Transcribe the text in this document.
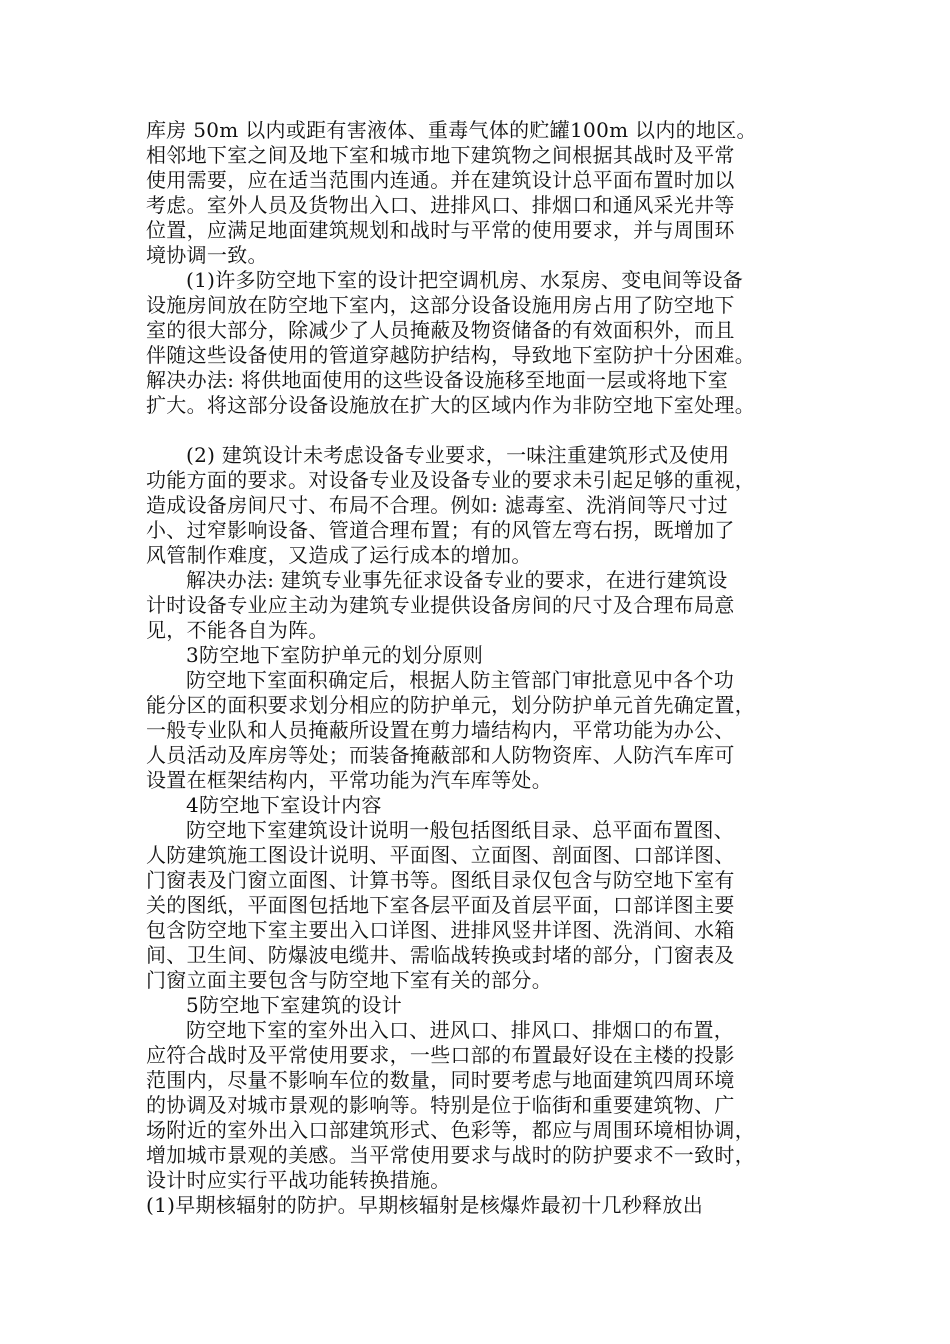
库房 50m 以内或距有害液体、重毒气体的贮罐100m 以内的地区。
相邻地下室之间及地下室和城市地下建筑物之间根据其战时及平常
使用需要，应在适当范围内连通。并在建筑设计总平面布置时加以
考虑。室外人员及货物出入口、进排风口、排烟口和通风采光井等
位置，应满足地面建筑规划和战时与平常的使用要求，并与周围环
境协调一致。
(1)许多防空地下室的设计把空调机房、水泵房、变电间等设备
设施房间放在防空地下室内，这部分设备设施用房占用了防空地下
室的很大部分，除减少了人员掩蔽及物资储备的有效面积外，而且
伴随这些设备使用的管道穿越防护结构，导致地下室防护十分困难。
解决办法: 将供地面使用的这些设备设施移至地面一层或将地下室
扩大。将这部分设备设施放在扩大的区域内作为非防空地下室处理。
(2) 建筑设计未考虑设备专业要求，一味注重建筑形式及使用
功能方面的要求。对设备专业及设备专业的要求未引起足够的重视，
造成设备房间尺寸、布局不合理。例如: 滤毒室、洗消间等尺寸过
小、过窄影响设备、管道合理布置；有的风管左弯右拐，既增加了
风管制作难度，又造成了运行成本的增加。
解决办法: 建筑专业事先征求设备专业的要求，在进行建筑设
计时设备专业应主动为建筑专业提供设备房间的尺寸及合理布局意
见，不能各自为阵。
3防空地下室防护单元的划分原则
防空地下室面积确定后，根据人防主管部门审批意见中各个功
能分区的面积要求划分相应的防护单元，划分防护单元首先确定置，
一般专业队和人员掩蔽所设置在剪力墙结构内，平常功能为办公、
人员活动及库房等处；而装备掩蔽部和人防物资库、人防汽车库可
设置在框架结构内，平常功能为汽车库等处。
4防空地下室设计内容
防空地下室建筑设计说明一般包括图纸目录、总平面布置图、
人防建筑施工图设计说明、平面图、立面图、剖面图、口部详图、
门窗表及门窗立面图、计算书等。图纸目录仅包含与防空地下室有
关的图纸，平面图包括地下室各层平面及首层平面，口部详图主要
包含防空地下室主要出入口详图、进排风竖井详图、洗消间、水箱
间、卫生间、防爆波电缆井、需临战转换或封堵的部分，门窗表及
门窗立面主要包含与防空地下室有关的部分。
5防空地下室建筑的设计
防空地下室的室外出入口、进风口、排风口、排烟口的布置，
应符合战时及平常使用要求，一些口部的布置最好设在主楼的投影
范围内，尽量不影响车位的数量，同时要考虑与地面建筑四周环境
的协调及对城市景观的影响等。特别是位于临街和重要建筑物、广
场附近的室外出入口部建筑形式、色彩等，都应与周围环境相协调，
增加城市景观的美感。当平常使用要求与战时的防护要求不一致时，
设计时应实行平战功能转换措施。
(1)早期核辐射的防护。早期核辐射是核爆炸最初十几秒释放出
